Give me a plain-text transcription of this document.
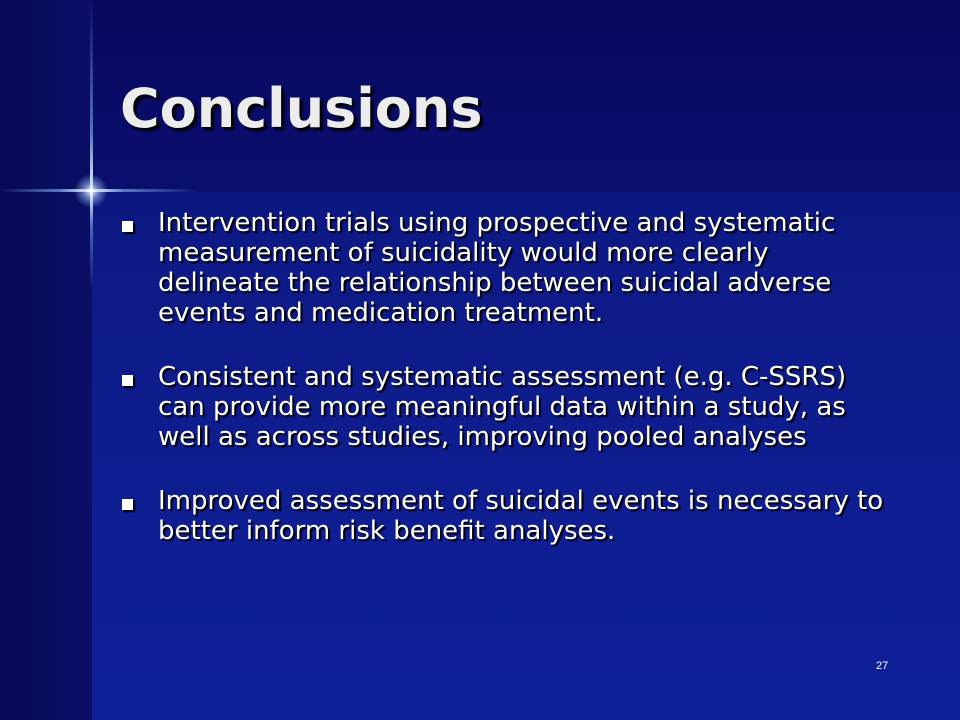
Conclusions
Intervention trials using prospective and systematic measurement of suicidality would more clearly delineate the relationship between suicidal adverse events and medication treatment.
Consistent and systematic assessment (e.g. C-SSRS) can provide more meaningful data within a study, as well as across studies, improving pooled analyses
Improved assessment of suicidal events is necessary to better inform risk benefit analyses.
27
